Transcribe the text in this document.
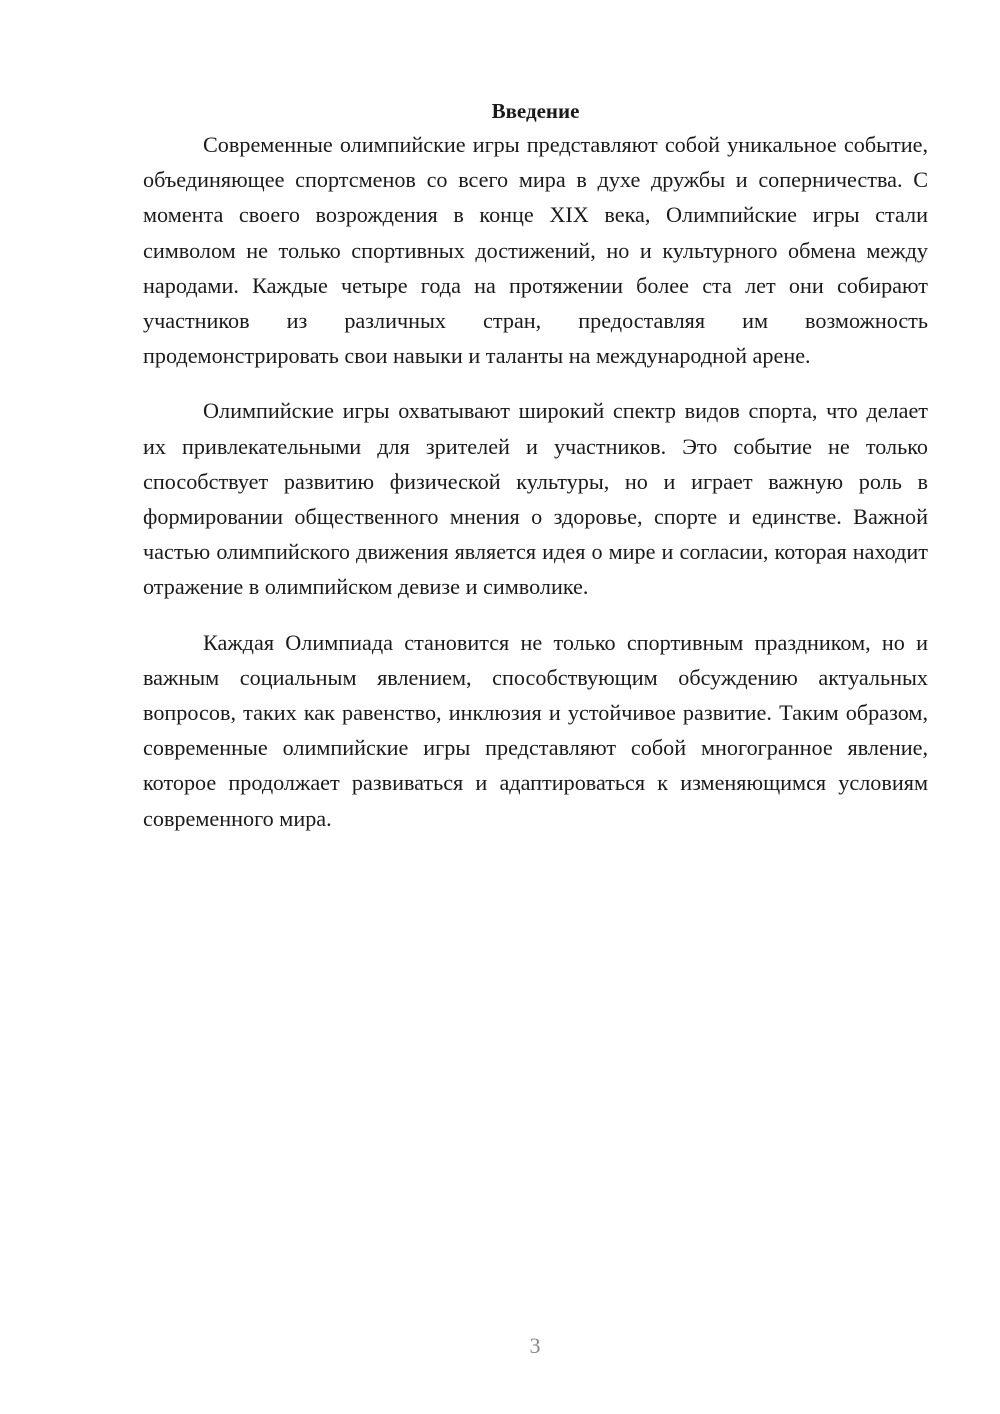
Введение

Современные олимпийские игры представляют собой уникальное событие, объединяющее спортсменов со всего мира в духе дружбы и соперничества. С момента своего возрождения в конце XIX века, Олимпийские игры стали символом не только спортивных достижений, но и культурного обмена между народами. Каждые четыре года на протяжении более ста лет они собирают участников из различных стран, предоставляя им возможность продемонстрировать свои навыки и таланты на международной арене.

Олимпийские игры охватывают широкий спектр видов спорта, что делает их привлекательными для зрителей и участников. Это событие не только способствует развитию физической культуры, но и играет важную роль в формировании общественного мнения о здоровье, спорте и единстве. Важной частью олимпийского движения является идея о мире и согласии, которая находит отражение в олимпийском девизе и символике.

Каждая Олимпиада становится не только спортивным праздником, но и важным социальным явлением, способствующим обсуждению актуальных вопросов, таких как равенство, инклюзия и устойчивое развитие. Таким образом, современные олимпийские игры представляют собой многогранное явление, которое продолжает развиваться и адаптироваться к изменяющимся условиям современного мира.

3
